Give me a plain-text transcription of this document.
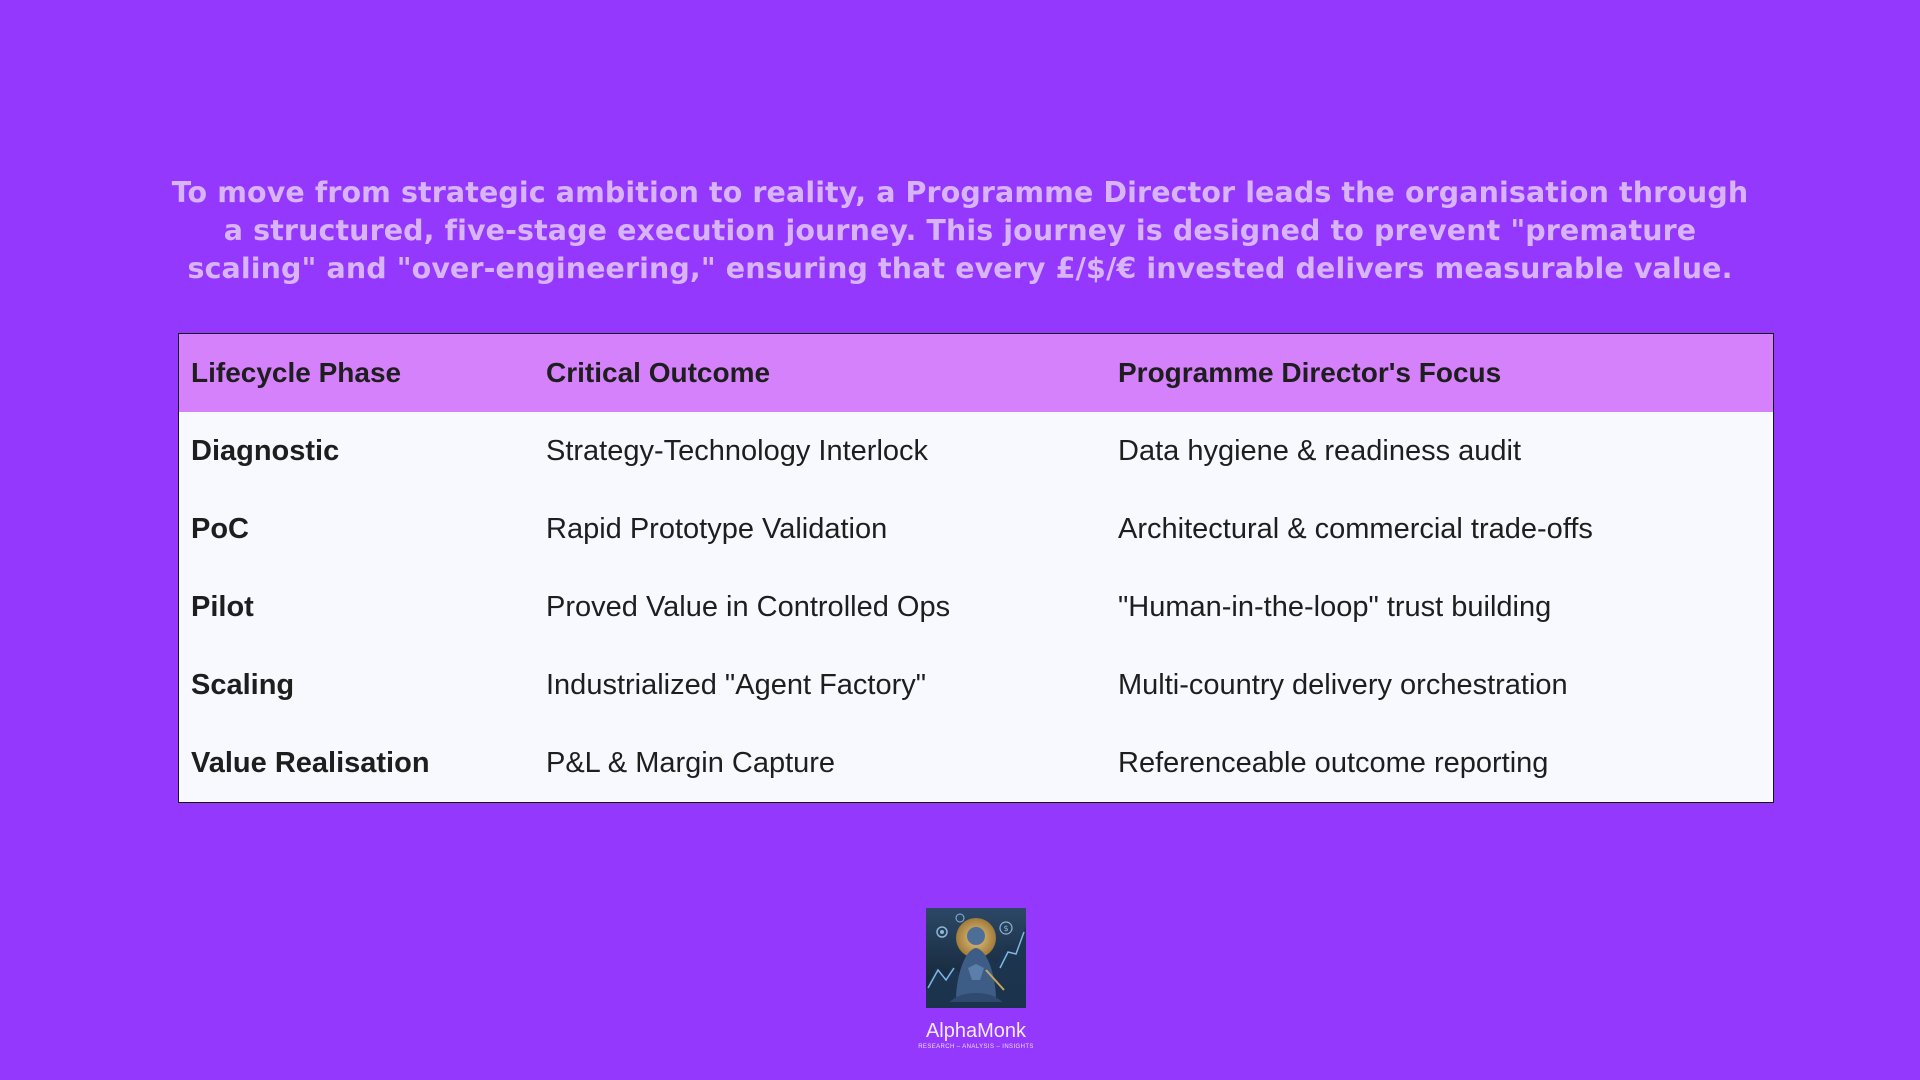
To move from strategic ambition to reality, a Programme Director leads the organisation through a structured, five-stage execution journey. This journey is designed to prevent "premature scaling" and "over-engineering," ensuring that every £/$/€ invested delivers measurable value.

Lifecycle Phase	Critical Outcome	Programme Director's Focus
Diagnostic	Strategy-Technology Interlock	Data hygiene & readiness audit
PoC	Rapid Prototype Validation	Architectural & commercial trade-offs
Pilot	Proved Value in Controlled Ops	"Human-in-the-loop" trust building
Scaling	Industrialized "Agent Factory"	Multi-country delivery orchestration
Value Realisation	P&L & Margin Capture	Referenceable outcome reporting
$
AlphaMonk
RESEARCH – ANALYSIS – INSIGHTS
